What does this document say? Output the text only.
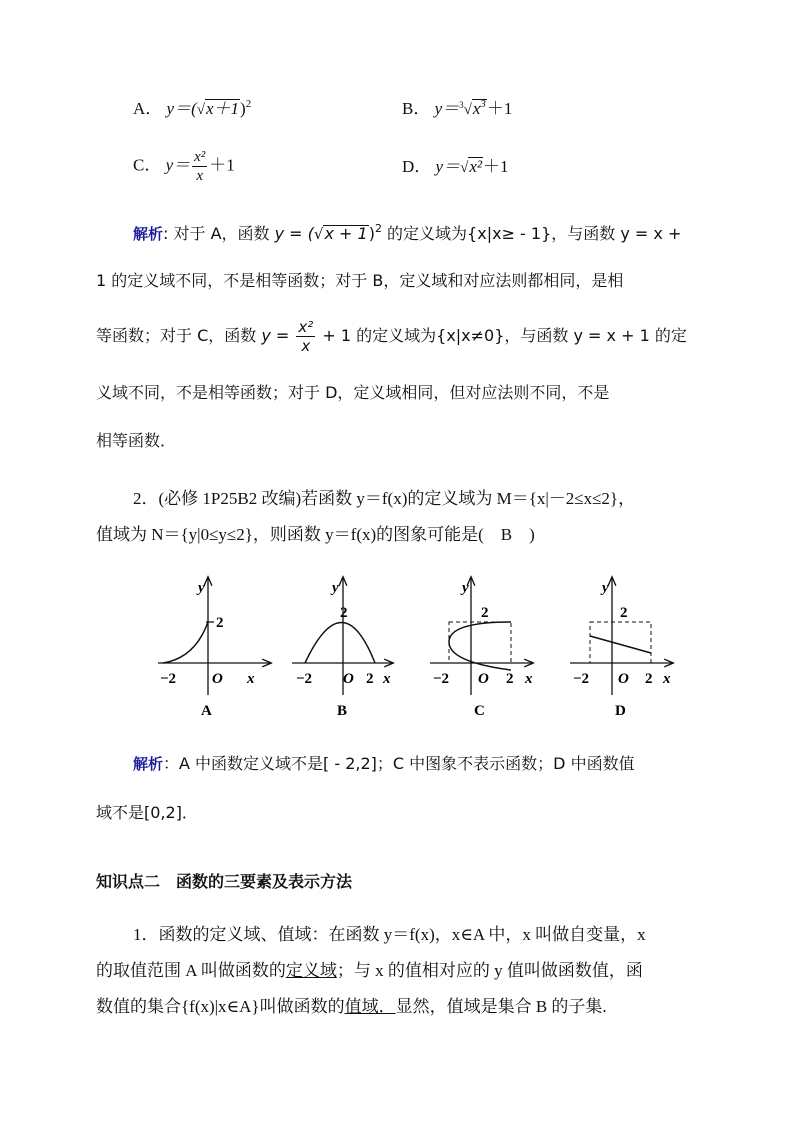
A． $y=(√x+1)^2$	B． $y=^3√x^3+1$
C． $y= \frac{\text{x²}}{x} +1$	D． y＝√x²＋1
解析: 对于 A，函数 $y = (√x + 1)^2$ 的定义域为{x|x≥ - 1}，与函数 y = x +
1 的定义域不同，不是相等函数；对于 B，定义域和对应法则都相同，是相
等函数；对于 C，函数 $y = \frac{\text{x²}}{x} + 1$ 的定义域为{x|x≠0}，与函数 y = x + 1 的定
义域不同，不是相等函数；对于 D，定义域相同，但对应法则不同，不是
相等函数．
2．(必修 1P25B2 改编)若函数 y＝f(x)的定义域为 M＝{x|－2≤x≤2}，
值域为 N＝{y|0≤y≤2}，则函数 y＝f(x)的图象可能是(　B　)
y
2
−2 O x
A
y
2
−2 O 2 x
B
y
2
−2 O 2 x
C
y
2
−2 O 2 x
D
解析：A 中函数定义域不是[ - 2,2]；C 中图象不表示函数；D 中函数值
域不是[0,2]．
知识点二　函数的三要素及表示方法
1．函数的定义域、值域：在函数 y＝f(x)，x∈A 中，x 叫做自变量，x
的取值范围 A 叫做函数的定义域；与 x 的值相对应的 y 值叫做函数值，函
数值的集合{f(x)|x∈A}叫做函数的值域．显然，值域是集合 B 的子集.
